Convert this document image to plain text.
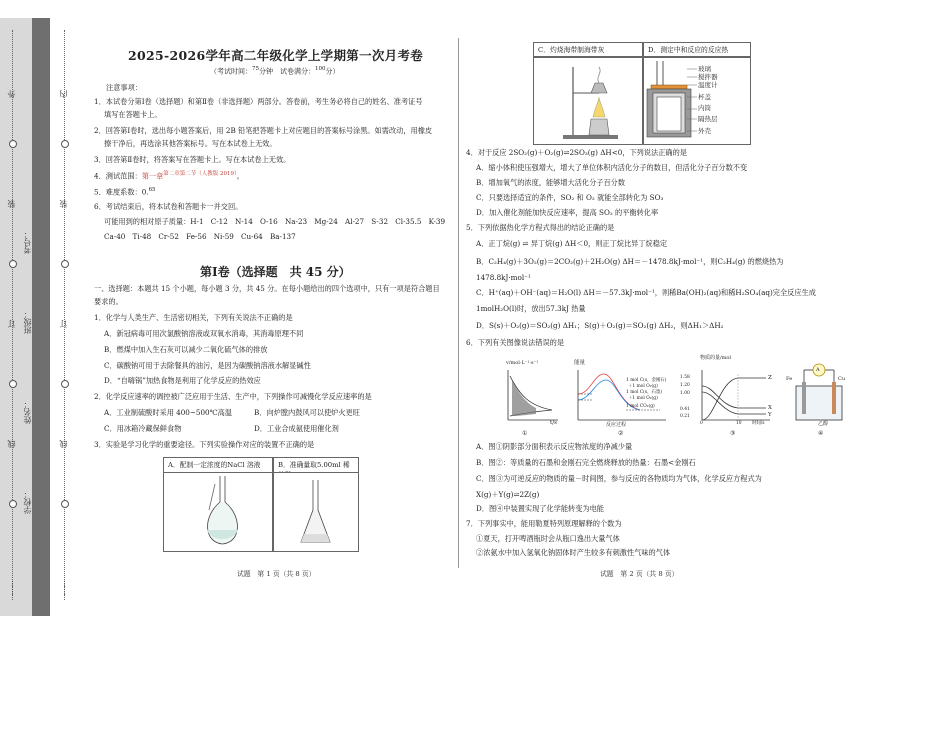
外
装
订
线
……
内
装
订
线
……
学校：
姓名：
班级：
考号：
2025-2026学年高二年级化学上学期第一次月考卷
（考试时间：$^{75}$分钟　 试卷满分：$^{100}$分）
注意事项：
1．本试卷分第Ⅰ卷（选择题）和第Ⅱ卷（非选择题）两部分。答卷前，考生务必将自己的姓名、准考证号
填写在答题卡上。
2．回答第Ⅰ卷时，选出每小题答案后，用 2B 铅笔把答题卡上对应题目的答案标号涂黑。如需改动，用橡皮
擦干净后，再选涂其他答案标号。写在本试卷上无效。
3．回答第Ⅱ卷时，将答案写在答题卡上。写在本试卷上无效。
4．测试范围：第一章$^{第二章第二节(人教版 2019)}$。
5．难度系数：0.65
6．考试结束后，将本试卷和答题卡一并交回。
可能用到的相对原子质量：H-1　C-12　N-14　O-16　Na-23　Mg-24　Al-27　S-32　Cl-35.5　K-39
Ca-40　Ti-48　Cr-52　Fe-56　Ni-59　Cu-64　Ba-137
第Ⅰ卷（选择题　共 45 分）
一、选择题：本题共 15 个小题，每小题 3 分，共 45 分。在每小题给出的四个选项中，只有一项是符合题目
要求的。
1．化学与人类生产、生活密切相关，下列有关说法不正确的是
A．新冠病毒可用次氯酸钠溶液或双氧水消毒，其消毒原理不同
B．燃煤中加入生石灰可以减少二氧化硫气体的排放
C．碳酸钠可用于去除餐具的油污，是因为碳酸钠溶液水解显碱性
D．“自嗨锅”加热食物是利用了化学反应的热效应
2．化学反应速率的调控被广泛应用于生活、生产中，下列操作可减慢化学反应速率的是
A．工业制硫酸时采用 400~500℃高温	B．向炉膛内鼓风可以使炉火更旺
C．用冰箱冷藏保鲜食物	D．工业合成氨使用催化剂
3．实验是学习化学的重要途径。下列实验操作对应的装置不正确的是
A．配制一定浓度的NaCl 溶液	B．准确量取5.00ml 稀
试题　第 1 页（共 8 页）
C．灼烧海带制海带灰	D．测定中和反应的反应热
玻璃
搅拌器
温度计
杯盖
内筒
隔热层
外壳
4．对于反应 2SO₂(g)＋O₂(g)⇌2SO₃(g) ΔH<0，下列说法正确的是
A．缩小体积使压强增大，增大了单位体积内活化分子的数目，但活化分子百分数不变
B．增加氧气的浓度，能够增大活化分子百分数
C．只要选择适宜的条件，SO₂ 和 O₂ 就能全部转化为 SO₃
D．加入催化剂能加快反应速率，提高 SO₂ 的平衡转化率
5．下列依据热化学方程式得出的结论正确的是
A．正丁烷(g) ⇌ 异丁烷(g) ΔH＜0，则正丁烷比异丁烷稳定
B．C₂H₄(g)＋3O₂(g)＝2CO₂(g)＋2H₂O(g) ΔH＝－1478.8kJ·mol⁻¹，则C₂H₄(g) 的燃烧热为
1478.8kJ·mol⁻¹
C．H⁺(aq)＋OH⁻(aq)＝H₂O(l) ΔH＝－57.3kJ·mol⁻¹，则稀Ba(OH)₂(aq)和稀H₂SO₄(aq)完全反应生成
1molH₂O(l)时，放出57.3kJ 热量
D．S(s)＋O₂(g)＝SO₂(g) ΔH₁；S(g)＋O₂(g)＝SO₂(g) ΔH₂，则ΔH₁＞ΔH₂
6．下列有关图像说法错误的是
v/mol·L⁻¹·s⁻¹
t/s
①
能量
反应过程
②
1 mol C(s，金刚石)
＋1 mol O₂(g)
1 mol C(s，石墨)
＋1 mol O₂(g)
1 mol CO₂(g)
物质的量/mol
1.58
1.20
1.00
0.41
0.21
0	10 时间/s
Z
X
Y
③
Fe	Cu
A
乙醇
④
A．图①阴影部分面积表示反应物浓度的净减少量
B．图②：等质量的石墨和金刚石完全燃烧释放的热量：石墨<金刚石
C．图③为可逆反应的物质的量－时间图，参与反应的各物质均为气体，化学反应方程式为
X(g)＋Y(g)⇌2Z(g)
D．图④中装置实现了化学能转变为电能
7．下列事实中，能用勒夏特列原理解释的个数为
①夏天，打开啤酒瓶时会从瓶口逸出大量气体
②浓氨水中加入氢氧化钠固体时产生较多有刺激性气味的气体
试题　第 2 页（共 8 页）
